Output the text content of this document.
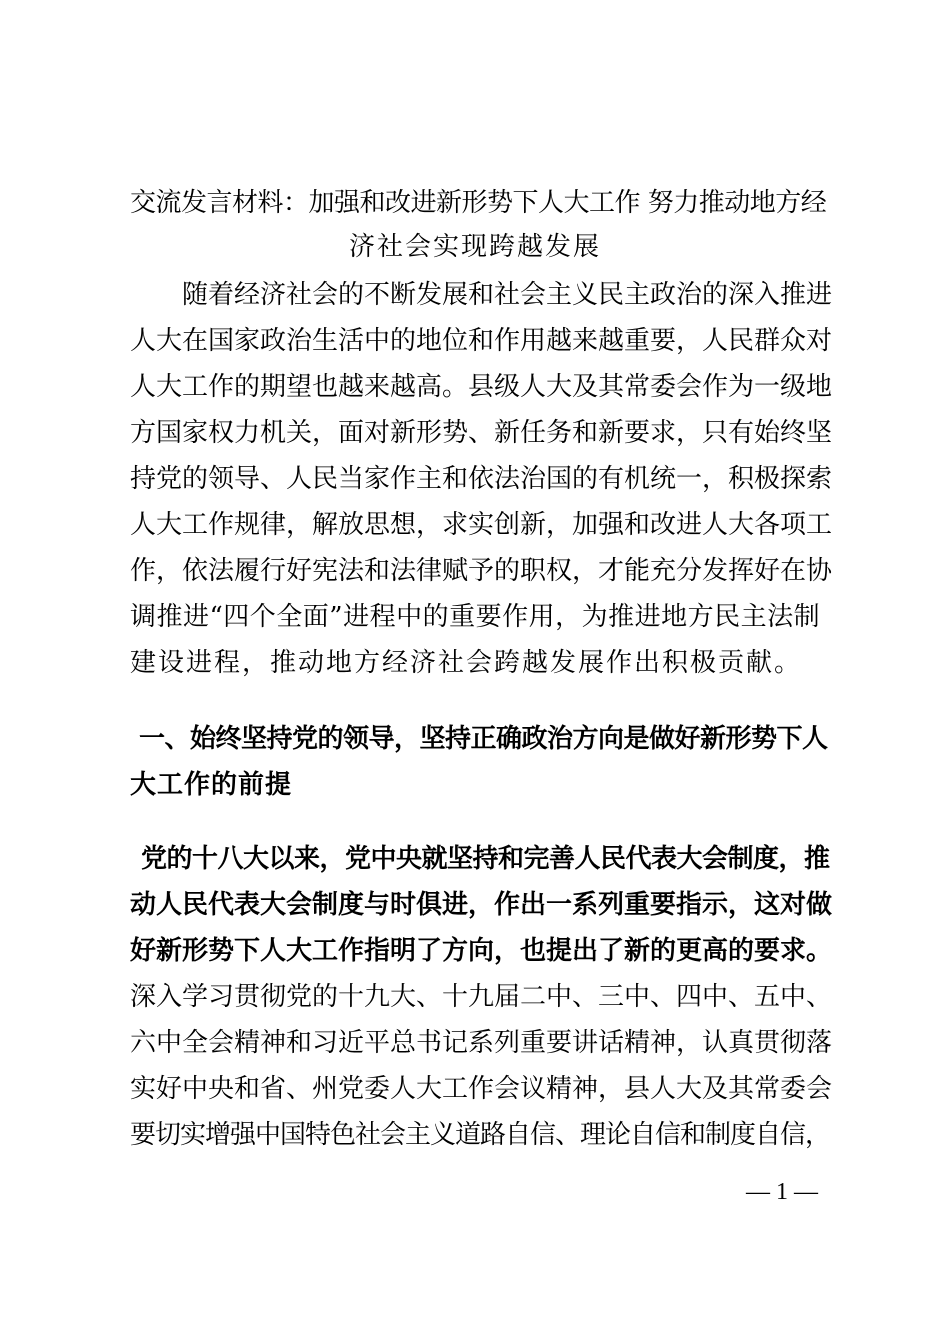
交流发言材料：加强和改进新形势下人大工作 努力推动地方经
济社会实现跨越发展
随着经济社会的不断发展和社会主义民主政治的深入推进
人大在国家政治生活中的地位和作用越来越重要，人民群众对
人大工作的期望也越来越高。县级人大及其常委会作为一级地
方国家权力机关，面对新形势、新任务和新要求，只有始终坚
持党的领导、人民当家作主和依法治国的有机统一，积极探索
人大工作规律，解放思想，求实创新，加强和改进人大各项工
作，依法履行好宪法和法律赋予的职权，才能充分发挥好在协
调推进“四个全面”进程中的重要作用，为推进地方民主法制
建设进程，推动地方经济社会跨越发展作出积极贡献。
一、始终坚持党的领导，坚持正确政治方向是做好新形势下人
大工作的前提
党的十八大以来，党中央就坚持和完善人民代表大会制度，推
动人民代表大会制度与时俱进，作出一系列重要指示，这对做
好新形势下人大工作指明了方向，也提出了新的更高的要求。
深入学习贯彻党的十九大、十九届二中、三中、四中、五中、
六中全会精神和习近平总书记系列重要讲话精神，认真贯彻落
实好中央和省、州党委人大工作会议精神，县人大及其常委会
要切实增强中国特色社会主义道路自信、理论自信和制度自信，
— 1 —
